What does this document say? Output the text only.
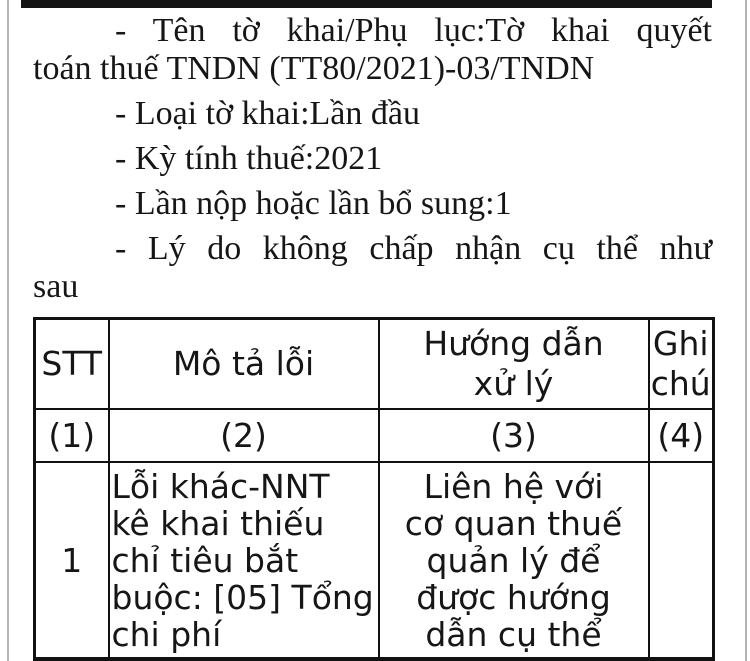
- Tên tờ khai/Phụ lục:Tờ khai quyết
toán thuế TNDN (TT80/2021)-03/TNDN

- Loại tờ khai:Lần đầu

- Kỳ tính thuế:2021

- Lần nộp hoặc lần bổ sung:1

- Lý do không chấp nhận cụ thể như
sau

STT	Mô tả lỗi	Hướng dẫn xử lý	Ghi chú
(1)	(2)	(3)	(4)
1	Lỗi khác-NNT kê khai thiếu chỉ tiêu bắt buộc: [05] Tổng chi phí	Liên hệ với cơ quan thuế quản lý để được hướng dẫn cụ thể	
